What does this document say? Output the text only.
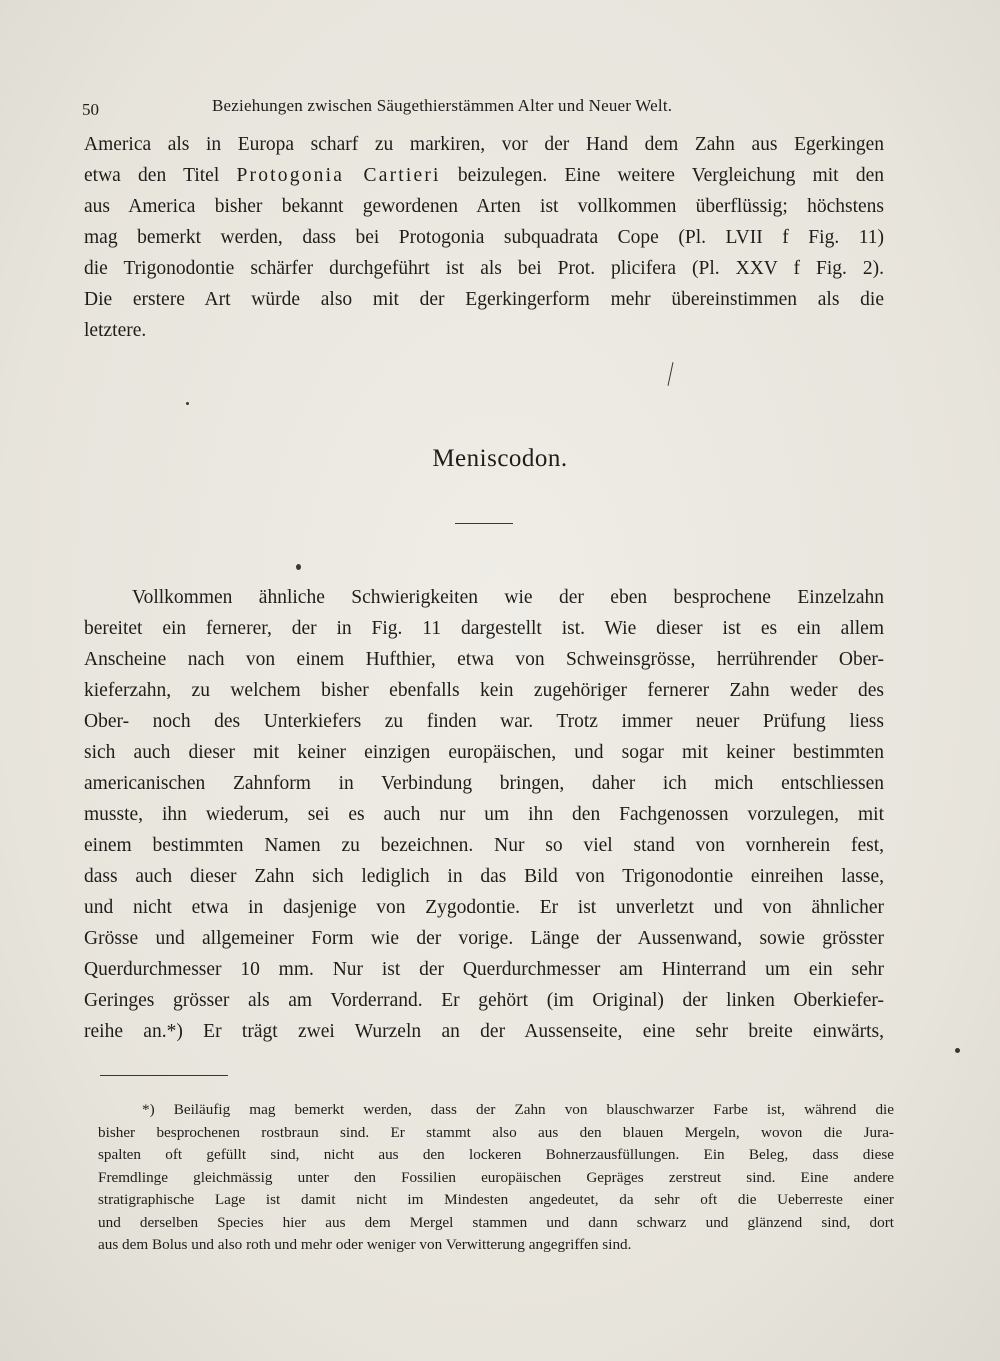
50	Beziehungen zwischen Säugethierstämmen Alter und Neuer Welt.
America als in Europa scharf zu markiren, vor der Hand dem Zahn aus Egerkingen
etwa den Titel Protogonia Cartieri beizulegen. Eine weitere Vergleichung mit den
aus America bisher bekannt gewordenen Arten ist vollkommen überflüssig; höchstens
mag bemerkt werden, dass bei Protogonia subquadrata Cope (Pl. LVII f Fig. 11)
die Trigonodontie schärfer durchgeführt ist als bei Prot. plicifera (Pl. XXV f Fig. 2).
Die erstere Art würde also mit der Egerkingerform mehr übereinstimmen als die
letztere.
Meniscodon.
Vollkommen ähnliche Schwierigkeiten wie der eben besprochene Einzelzahn
bereitet ein fernerer, der in Fig. 11 dargestellt ist. Wie dieser ist es ein allem
Anscheine nach von einem Hufthier, etwa von Schweinsgrösse, herrührender Ober-
kieferzahn, zu welchem bisher ebenfalls kein zugehöriger fernerer Zahn weder des
Ober- noch des Unterkiefers zu finden war. Trotz immer neuer Prüfung liess
sich auch dieser mit keiner einzigen europäischen, und sogar mit keiner bestimmten
americanischen Zahnform in Verbindung bringen, daher ich mich entschliessen
musste, ihn wiederum, sei es auch nur um ihn den Fachgenossen vorzulegen, mit
einem bestimmten Namen zu bezeichnen. Nur so viel stand von vornherein fest,
dass auch dieser Zahn sich lediglich in das Bild von Trigonodontie einreihen lasse,
und nicht etwa in dasjenige von Zygodontie. Er ist unverletzt und von ähnlicher
Grösse und allgemeiner Form wie der vorige. Länge der Aussenwand, sowie grösster
Querdurchmesser 10 mm. Nur ist der Querdurchmesser am Hinterrand um ein sehr
Geringes grösser als am Vorderrand. Er gehört (im Original) der linken Oberkiefer-
reihe an.*) Er trägt zwei Wurzeln an der Aussenseite, eine sehr breite einwärts,
*) Beiläufig mag bemerkt werden, dass der Zahn von blauschwarzer Farbe ist, während die
bisher besprochenen rostbraun sind. Er stammt also aus den blauen Mergeln, wovon die Jura-
spalten oft gefüllt sind, nicht aus den lockeren Bohnerzausfüllungen. Ein Beleg, dass diese
Fremdlinge gleichmässig unter den Fossilien europäischen Gepräges zerstreut sind. Eine andere
stratigraphische Lage ist damit nicht im Mindesten angedeutet, da sehr oft die Ueberreste einer
und derselben Species hier aus dem Mergel stammen und dann schwarz und glänzend sind, dort
aus dem Bolus und also roth und mehr oder weniger von Verwitterung angegriffen sind.
